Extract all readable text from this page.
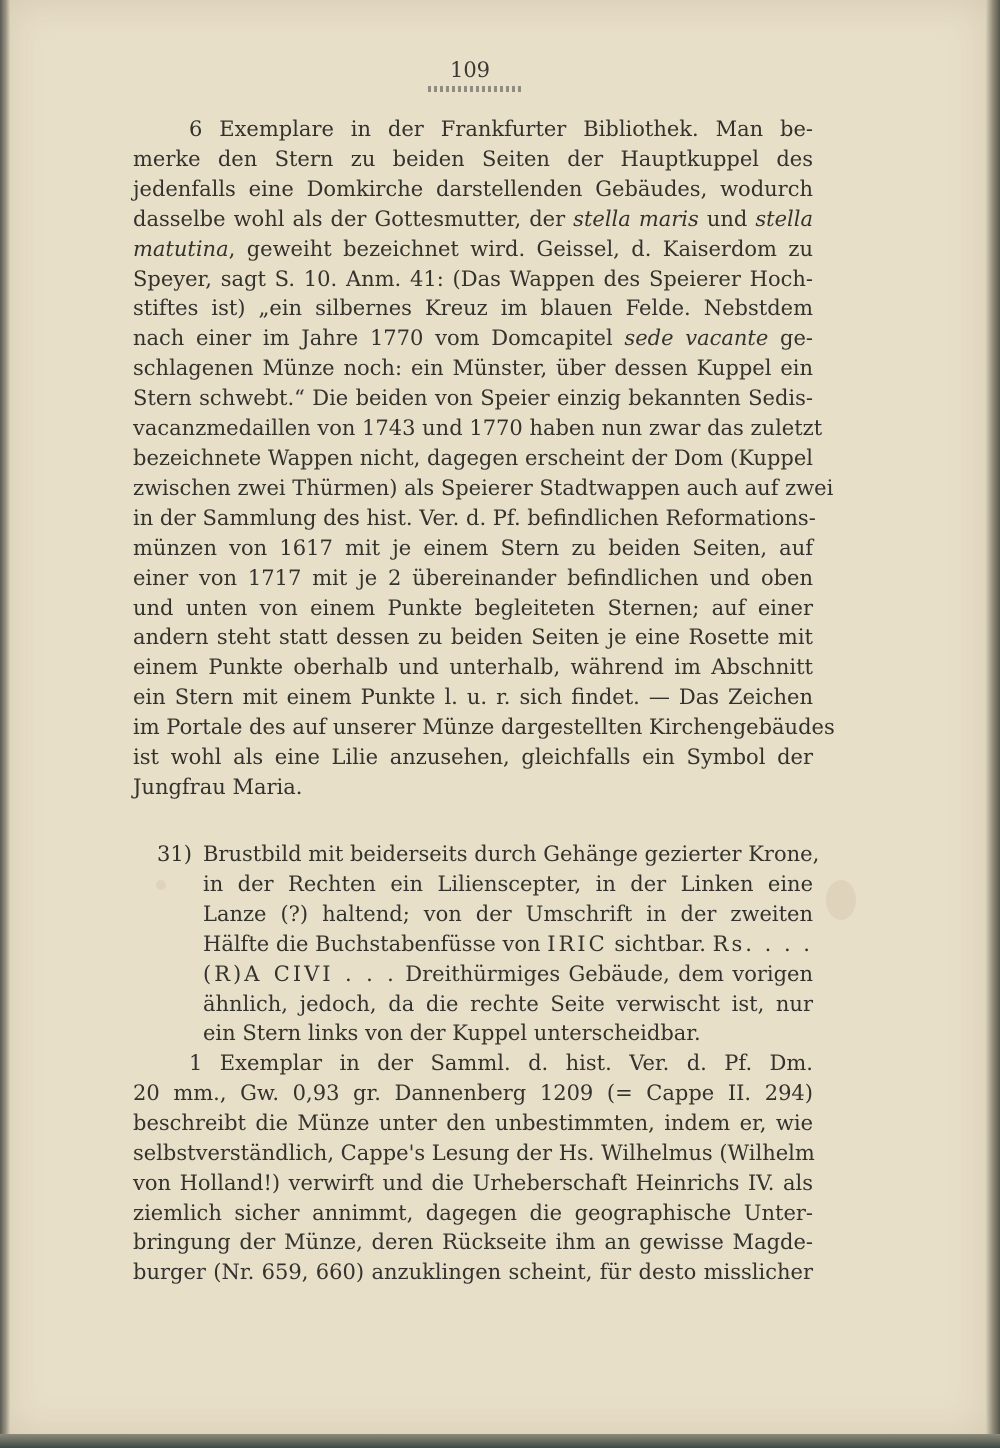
109
6 Exemplare in der Frankfurter Bibliothek. Man be-
merke den Stern zu beiden Seiten der Hauptkuppel des
jedenfalls eine Domkirche darstellenden Gebäudes, wodurch
dasselbe wohl als der Gottesmutter, der stella maris und stella
matutina, geweiht bezeichnet wird. Geissel, d. Kaiserdom zu
Speyer, sagt S. 10. Anm. 41: (Das Wappen des Speierer Hoch-
stiftes ist) „ein silbernes Kreuz im blauen Felde. Nebstdem
nach einer im Jahre 1770 vom Domcapitel sede vacante ge-
schlagenen Münze noch: ein Münster, über dessen Kuppel ein
Stern schwebt.“ Die beiden von Speier einzig bekannten Sedis-
vacanzmedaillen von 1743 und 1770 haben nun zwar das zuletzt
bezeichnete Wappen nicht, dagegen erscheint der Dom (Kuppel
zwischen zwei Thürmen) als Speierer Stadtwappen auch auf zwei
in der Sammlung des hist. Ver. d. Pf. befindlichen Reformations-
münzen von 1617 mit je einem Stern zu beiden Seiten, auf
einer von 1717 mit je 2 übereinander befindlichen und oben
und unten von einem Punkte begleiteten Sternen; auf einer
andern steht statt dessen zu beiden Seiten je eine Rosette mit
einem Punkte oberhalb und unterhalb, während im Abschnitt
ein Stern mit einem Punkte l. u. r. sich findet. — Das Zeichen
im Portale des auf unserer Münze dargestellten Kirchengebäudes
ist wohl als eine Lilie anzusehen, gleichfalls ein Symbol der
Jungfrau Maria.
31) Brustbild mit beiderseits durch Gehänge gezierter Krone,
in der Rechten ein Lilienscepter, in der Linken eine
Lanze (?) haltend; von der Umschrift in der zweiten
Hälfte die Buchstabenfüsse von IRIC sichtbar. Rs. . . .
(R)A CIVI . . . Dreithürmiges Gebäude, dem vorigen
ähnlich, jedoch, da die rechte Seite verwischt ist, nur
ein Stern links von der Kuppel unterscheidbar.
1 Exemplar in der Samml. d. hist. Ver. d. Pf. Dm.
20 mm., Gw. 0,93 gr. Dannenberg 1209 (= Cappe II. 294)
beschreibt die Münze unter den unbestimmten, indem er, wie
selbstverständlich, Cappe's Lesung der Hs. Wilhelmus (Wilhelm
von Holland!) verwirft und die Urheberschaft Heinrichs IV. als
ziemlich sicher annimmt, dagegen die geographische Unter-
bringung der Münze, deren Rückseite ihm an gewisse Magde-
burger (Nr. 659, 660) anzuklingen scheint, für desto misslicher
